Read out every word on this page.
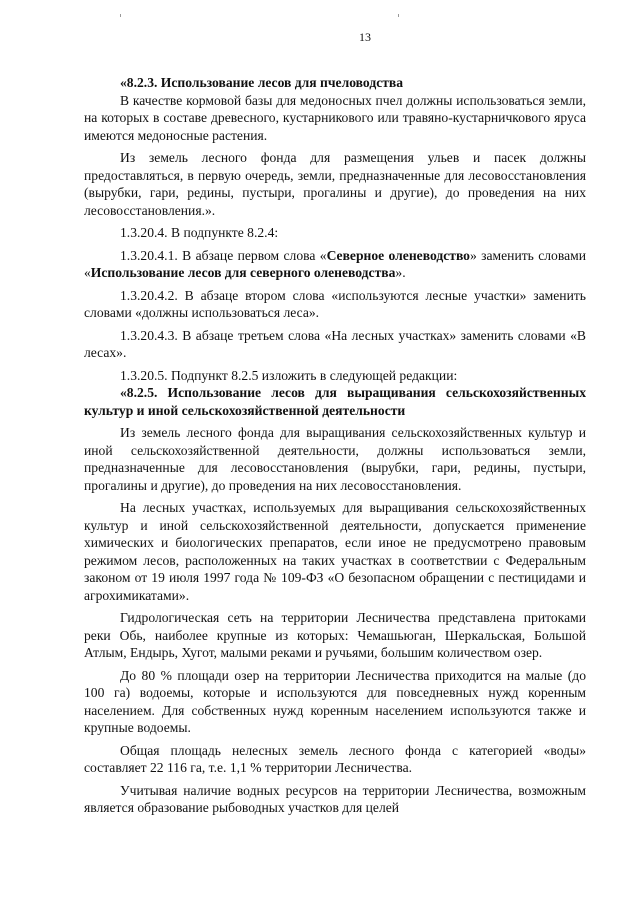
13

«8.2.3. Использование лесов для пчеловодства

В качестве кормовой базы для медоносных пчел должны использоваться земли, на которых в составе древесного, кустарникового или травяно-кустарничкового яруса имеются медоносные растения.

Из земель лесного фонда для размещения ульев и пасек должны предоставляться, в первую очередь, земли, предназначенные для лесовосстановления (вырубки, гари, редины, пустыри, прогалины и другие), до проведения на них лесовосстановления.».

1.3.20.4. В подпункте 8.2.4:

1.3.20.4.1. В абзаце первом слова «Северное оленеводство» заменить словами «Использование лесов для северного оленеводства».

1.3.20.4.2. В абзаце втором слова «используются лесные участки» заменить словами «должны использоваться леса».

1.3.20.4.3. В абзаце третьем слова «На лесных участках» заменить словами «В лесах».

1.3.20.5. Подпункт 8.2.5 изложить в следующей редакции:

«8.2.5. Использование лесов для выращивания сельскохозяйственных культур и иной сельскохозяйственной деятельности

Из земель лесного фонда для выращивания сельскохозяйственных культур и иной сельскохозяйственной деятельности, должны использоваться земли, предназначенные для лесовосстановления (вырубки, гари, редины, пустыри, прогалины и другие), до проведения на них лесовосстановления.

На лесных участках, используемых для выращивания сельскохозяйственных культур и иной сельскохозяйственной деятельности, допускается применение химических и биологических препаратов, если иное не предусмотрено правовым режимом лесов, расположенных на таких участках в соответствии с Федеральным законом от 19 июля 1997 года № 109-ФЗ «О безопасном обращении с пестицидами и агрохимикатами».

Гидрологическая сеть на территории Лесничества представлена притоками реки Обь, наиболее крупные из которых: Чемашьюган, Шеркальская, Большой Атлым, Ендырь, Хугот, малыми реками и ручьями, большим количеством озер.

До 80 % площади озер на территории Лесничества приходится на малые (до 100 га) водоемы, которые и используются для повседневных нужд коренным населением. Для собственных нужд коренным населением используются также и крупные водоемы.

Общая площадь нелесных земель лесного фонда с категорией «воды» составляет 22 116 га, т.е. 1,1 % территории Лесничества.

Учитывая наличие водных ресурсов на территории Лесничества, возможным является образование рыбоводных участков для целей
